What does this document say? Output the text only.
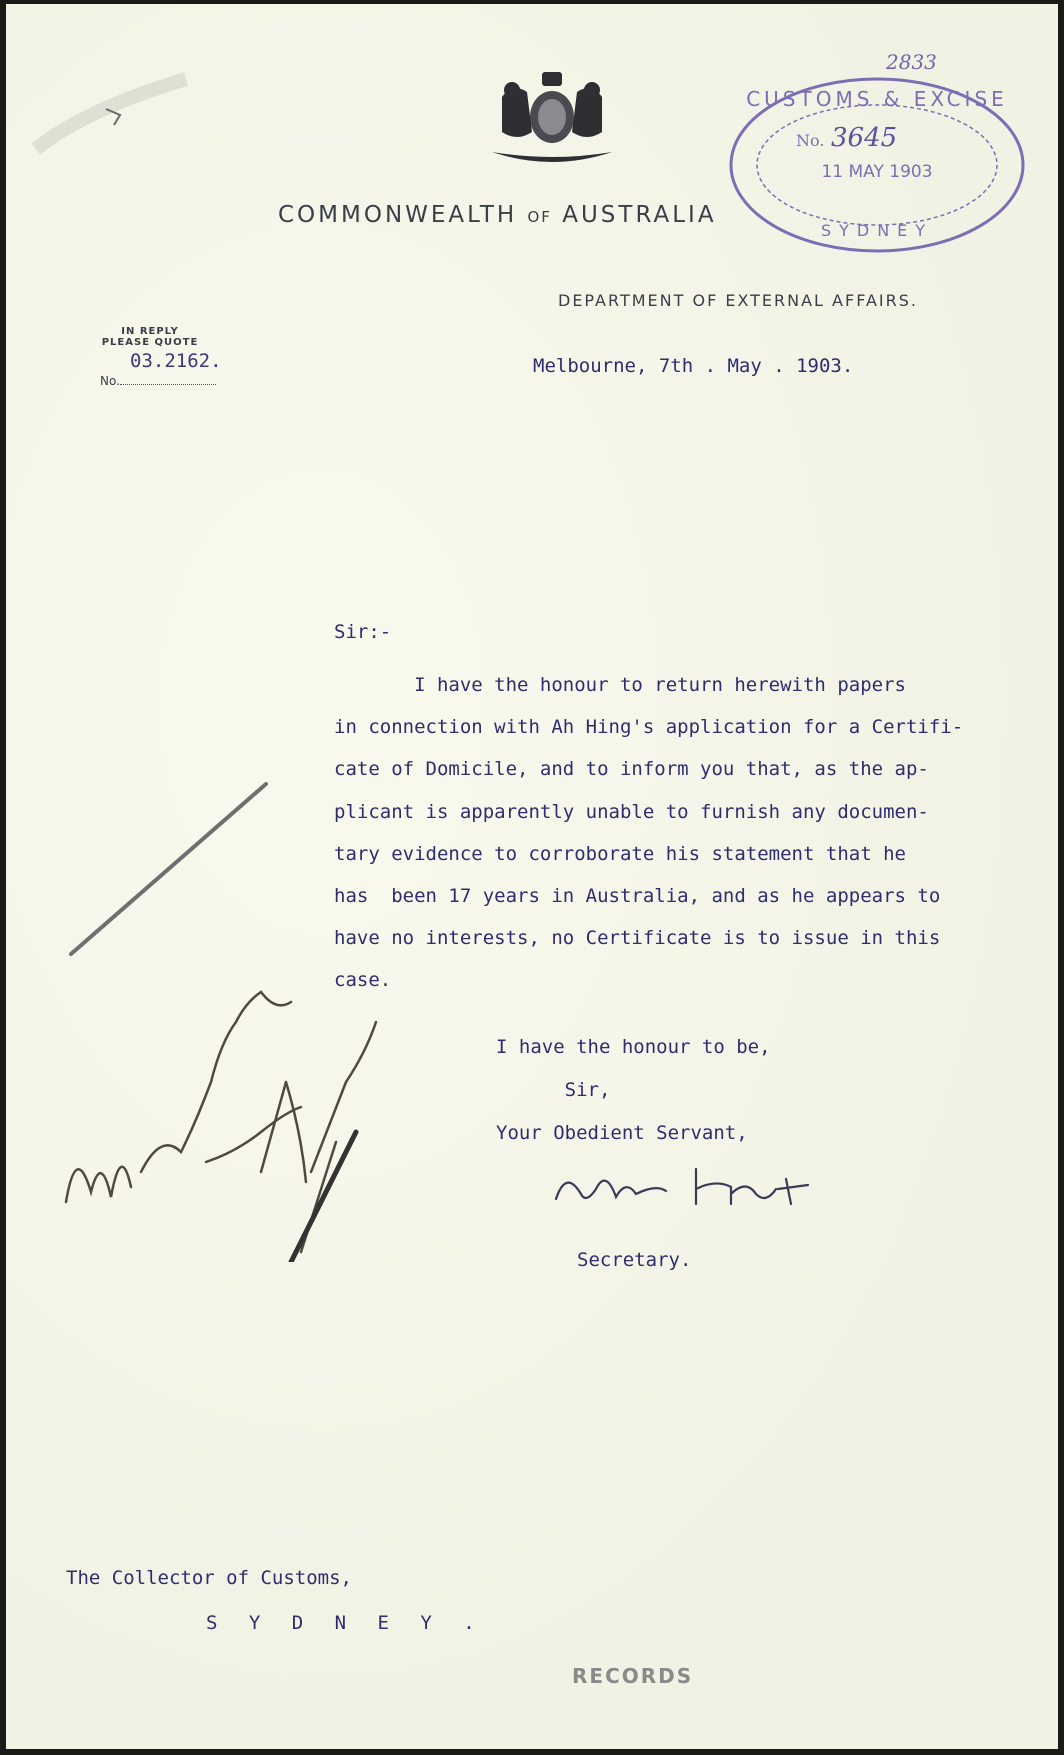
2833
CUSTOMS & EXCISE
No. 3645
11 MAY 1903
SYDNEY
COMMONWEALTH OF AUSTRALIA
DEPARTMENT OF EXTERNAL AFFAIRS.
IN REPLY
PLEASE QUOTE
03.2162.
No.
Melbourne, 7th . May . 1903.
Sir:-
I have the honour to return herewith papers
in connection with Ah Hing's application for a Certifi-
cate of Domicile, and to inform you that, as the ap-
plicant is apparently unable to furnish any documen-
tary evidence to corroborate his statement that he
has  been 17 years in Australia, and as he appears to
have no interests, no Certificate is to issue in this
case.
I have the honour to be,
Sir,
Your Obedient Servant,
Secretary.
The Collector of Customs,
S Y D N E Y .
RECORDS
